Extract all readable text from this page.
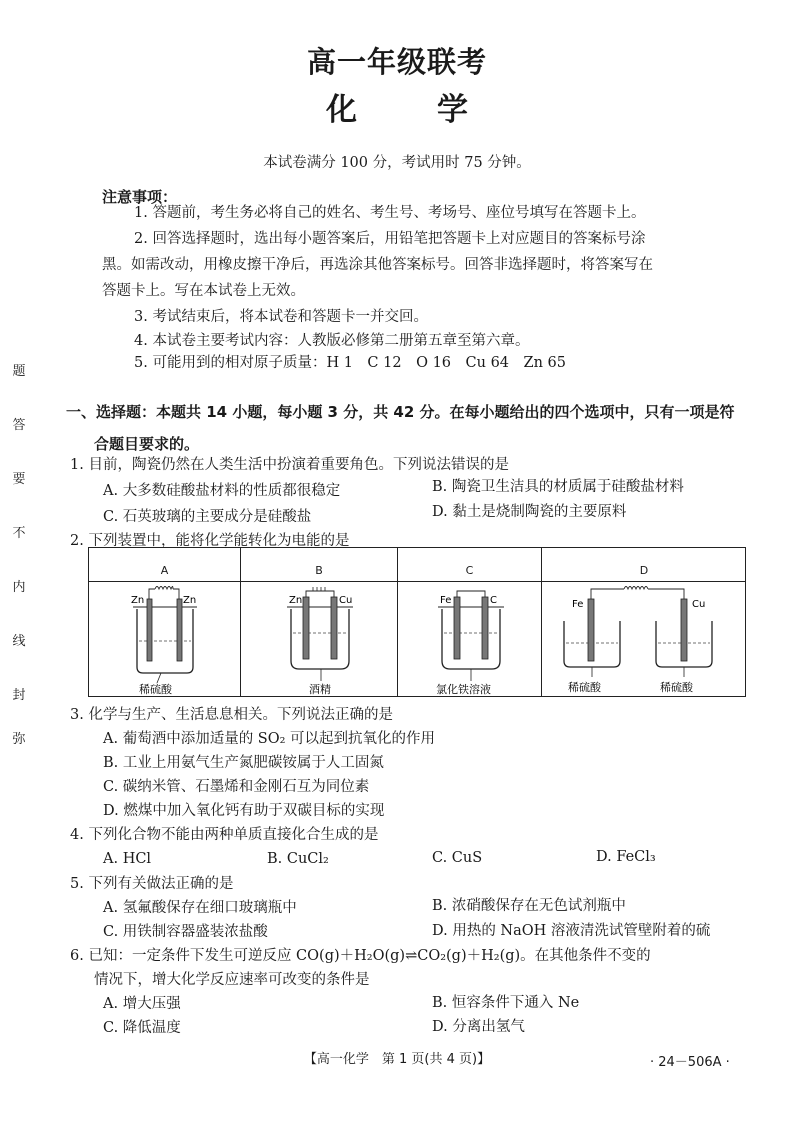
高一年级联考
化	学
本试卷满分 100 分，考试用时 75 分钟。
注意事项：
1. 答题前，考生务必将自己的姓名、考生号、考场号、座位号填写在答题卡上。
2. 回答选择题时，选出每小题答案后，用铅笔把答题卡上对应题目的答案标号涂
黑。如需改动，用橡皮擦干净后，再选涂其他答案标号。回答非选择题时，将答案写在
答题卡上。写在本试卷上无效。
3. 考试结束后，将本试卷和答题卡一并交回。
4. 本试卷主要考试内容：人教版必修第二册第五章至第六章。
5. 可能用到的相对原子质量：H 1　C 12　O 16　Cu 64　Zn 65
题
答
要
不
内
线
封
弥
一、选择题：本题共 14 小题，每小题 3 分，共 42 分。在每小题给出的四个选项中，只有一项是符
合题目要求的。
1. 目前，陶瓷仍然在人类生活中扮演着重要角色。下列说法错误的是
A. 大多数硅酸盐材料的性质都很稳定	B. 陶瓷卫生洁具的材质属于硅酸盐材料
C. 石英玻璃的主要成分是硅酸盐	D. 黏土是烧制陶瓷的主要原料
2. 下列装置中，能将化学能转化为电能的是
A
Zn	Zn
稀硫酸
B
Zn	Cu
酒精
C
Fe	C
氯化铁溶液
D
Fe	Cu
稀硫酸	稀硫酸
3. 化学与生产、生活息息相关。下列说法正确的是
A. 葡萄酒中添加适量的 SO₂ 可以起到抗氧化的作用
B. 工业上用氨气生产氮肥碳铵属于人工固氮
C. 碳纳米管、石墨烯和金刚石互为同位素
D. 燃煤中加入氧化钙有助于双碳目标的实现
4. 下列化合物不能由两种单质直接化合生成的是
A. HCl	B. CuCl₂	C. CuS	D. FeCl₃
5. 下列有关做法正确的是
A. 氢氟酸保存在细口玻璃瓶中	B. 浓硝酸保存在无色试剂瓶中
C. 用铁制容器盛装浓盐酸	D. 用热的 NaOH 溶液清洗试管壁附着的硫
6. 已知：一定条件下发生可逆反应 CO(g)＋H₂O(g)⇌CO₂(g)＋H₂(g)。在其他条件不变的
情况下，增大化学反应速率可改变的条件是
A. 增大压强	B. 恒容条件下通入 Ne
C. 降低温度	D. 分离出氢气
【高一化学　第 1 页(共 4 页)】	· 24－506A ·
